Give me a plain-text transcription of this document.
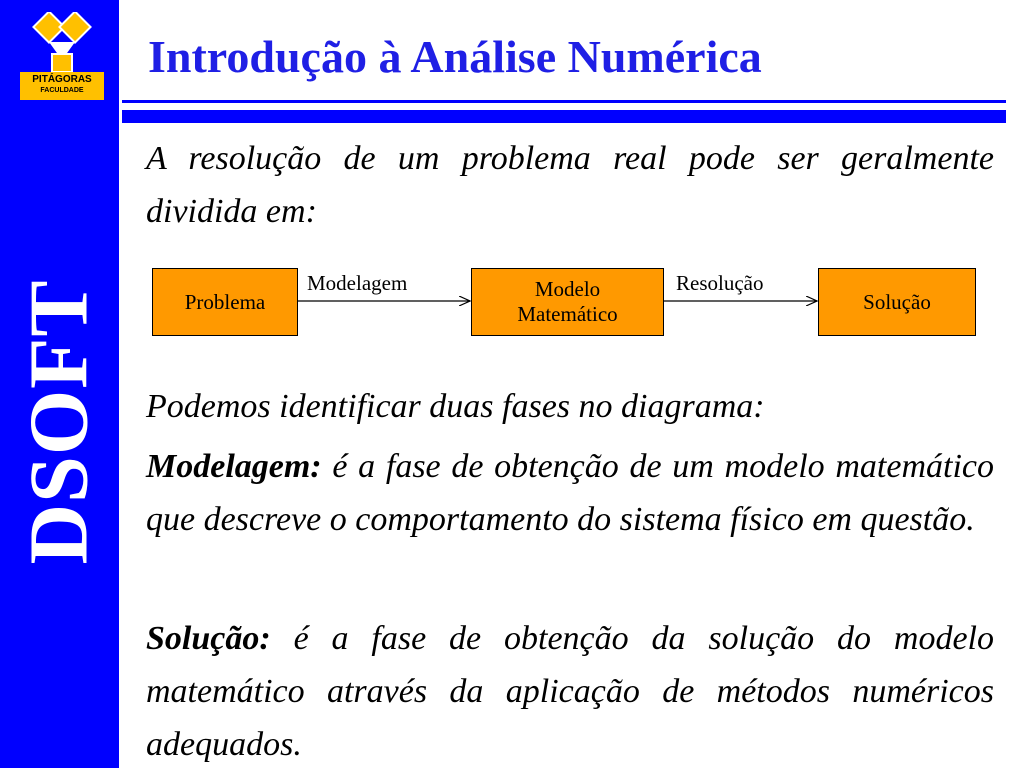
PITÁGORAS
FACULDADE
DSOFT
Introdução à Análise Numérica
A resolução de um problema real pode ser geralmente dividida em:
Problema
Modelo
Matemático
Solução
Modelagem	Resolução
Podemos identificar duas fases no diagrama:
Modelagem: é a fase de obtenção de um modelo matemático que descreve o comportamento do sistema físico em questão.
Solução: é a fase de obtenção da solução do modelo matemático através da aplicação de métodos numéricos adequados.
